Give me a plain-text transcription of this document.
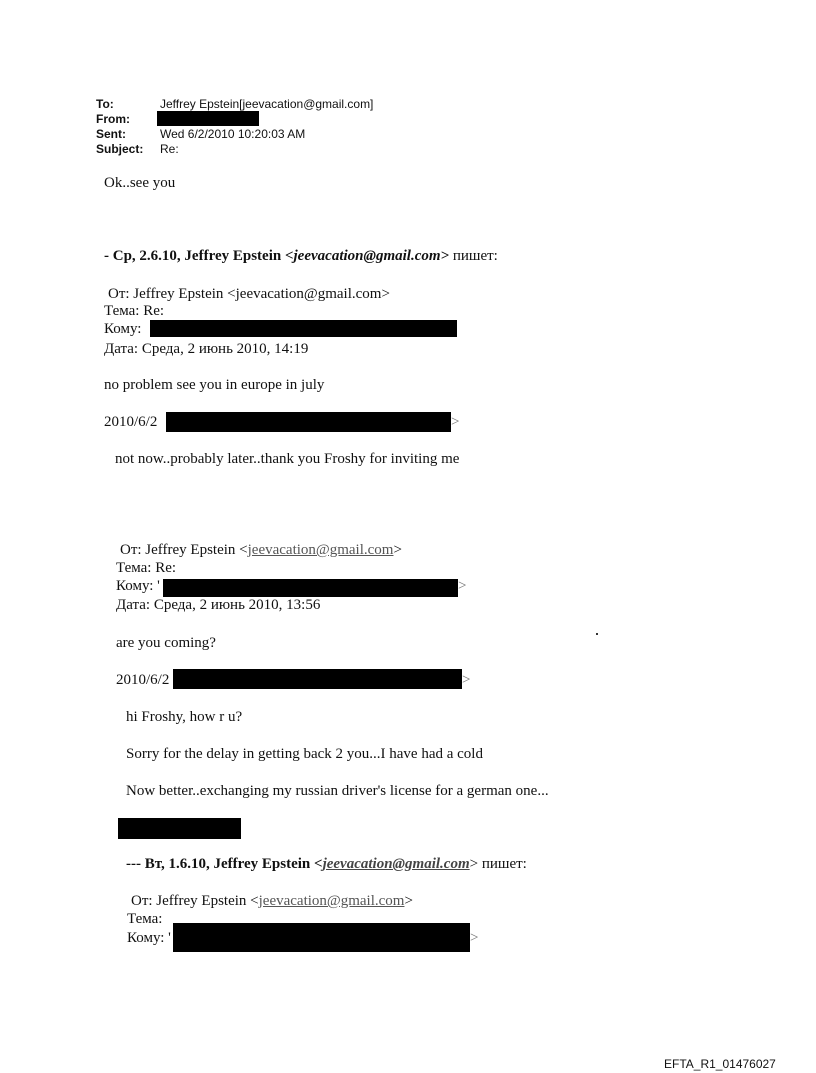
To:	Jeffrey Epstein[jeevacation@gmail.com]
From:
Sent:	Wed 6/2/2010 10:20:03 AM
Subject: Re:
Ok..see you
- Ср, 2.6.10, Jeffrey Epstein <jeevacation@gmail.com> пишет:
От: Jeffrey Epstein <jeevacation@gmail.com>
Тема: Re:
Кому:
Дата: Среда, 2 июнь 2010, 14:19
no problem see you in europe in july
2010/6/2	>
not now..probably later..thank you Froshy for inviting me
От: Jeffrey Epstein <jeevacation@gmail.com>
Тема: Re:
Кому: '	>
Дата: Среда, 2 июнь 2010, 13:56
are you coming?
2010/6/2	>
hi Froshy, how r u?
Sorry for the delay in getting back 2 you...I have had a cold
Now better..exchanging my russian driver's license for a german one...
--- Вт, 1.6.10, Jeffrey Epstein <jeevacation@gmail.com> пишет:
От: Jeffrey Epstein <jeevacation@gmail.com>
Тема:
Кому: '	>
EFTA_R1_01476027
